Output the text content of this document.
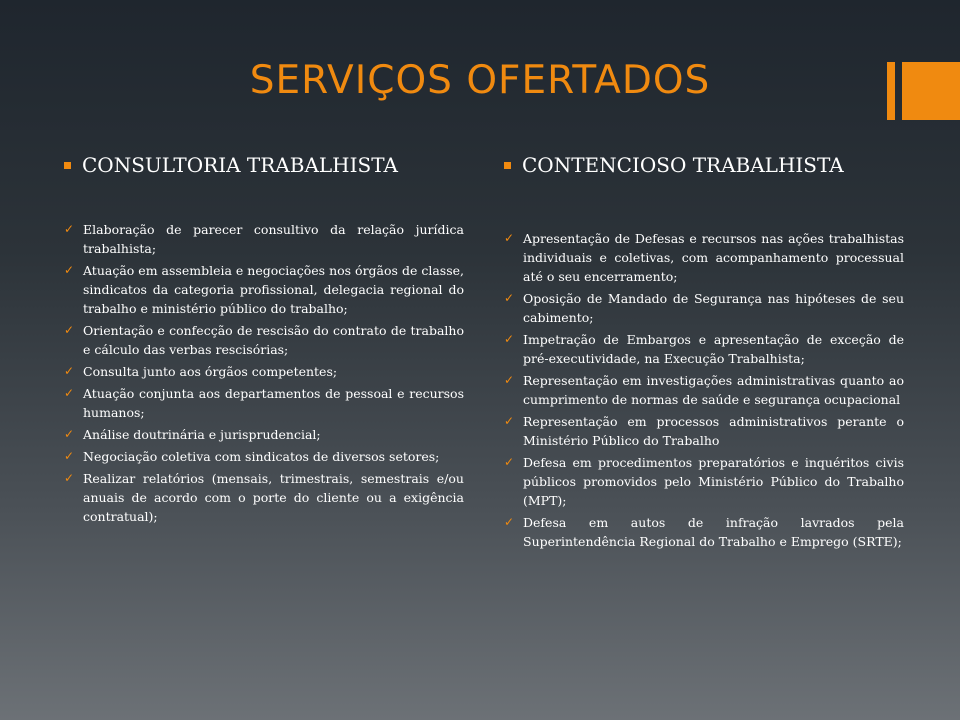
SERVIÇOS OFERTADOS
CONSULTORIA TRABALHISTA
✓ Elaboração de parecer consultivo da relação jurídica trabalhista;
✓ Atuação em assembleia e negociações nos órgãos de classe, sindicatos da categoria profissional, delegacia regional do trabalho e ministério público do trabalho;
✓ Orientação e confecção de rescisão do contrato de trabalho e cálculo das verbas rescisórias;
✓ Consulta junto aos órgãos competentes;
✓ Atuação conjunta aos departamentos de pessoal e recursos humanos;
✓ Análise doutrinária e jurisprudencial;
✓ Negociação coletiva com sindicatos de diversos setores;
✓ Realizar relatórios (mensais, trimestrais, semestrais e/ou anuais de acordo com o porte do cliente ou a exigência contratual);
CONTENCIOSO TRABALHISTA
✓ Apresentação de Defesas e recursos nas ações trabalhistas individuais e coletivas, com acompanhamento processual até o seu encerramento;
✓ Oposição de Mandado de Segurança nas hipóteses de seu cabimento;
✓ Impetração de Embargos e apresentação de exceção de pré-executividade, na Execução Trabalhista;
✓ Representação em investigações administrativas quanto ao cumprimento de normas de saúde e segurança ocupacional
✓ Representação em processos administrativos perante o Ministério Público do Trabalho
✓ Defesa em procedimentos preparatórios e inquéritos civis públicos promovidos pelo Ministério Público do Trabalho (MPT);
✓ Defesa em autos de infração lavrados pela Superintendência Regional do Trabalho e Emprego (SRTE);
